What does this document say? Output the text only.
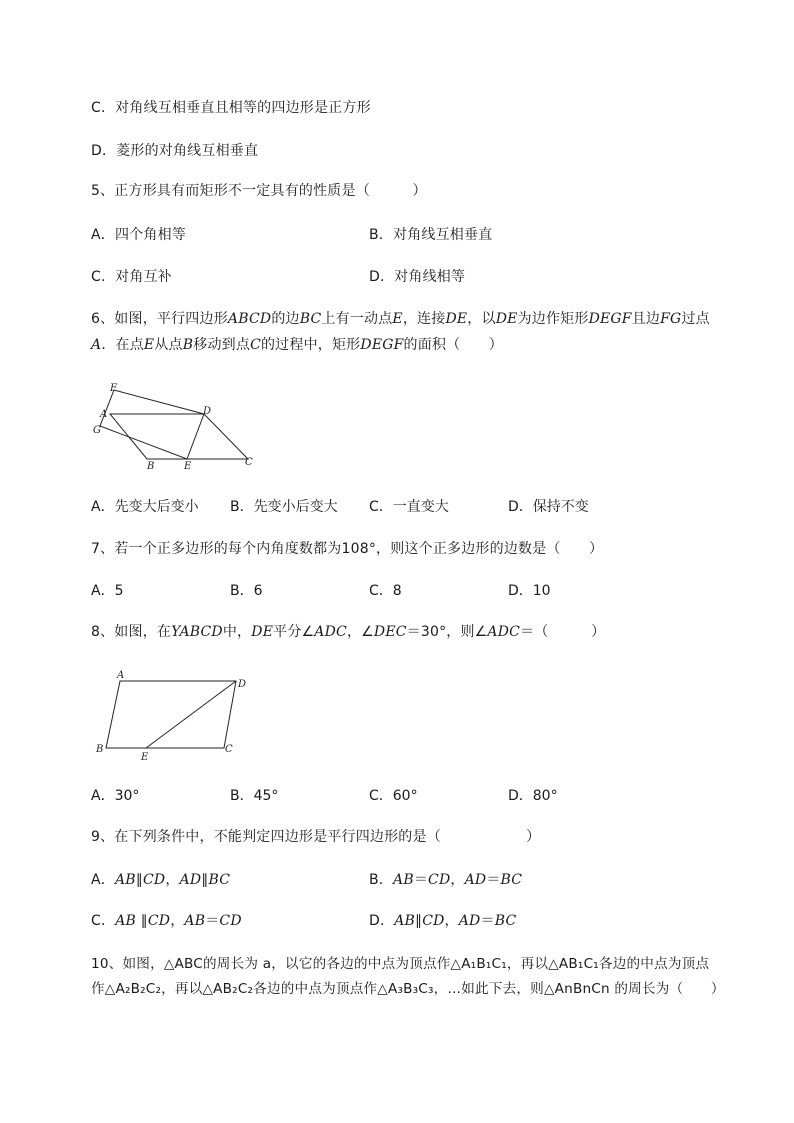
C．对角线互相垂直且相等的四边形是正方形
D．菱形的对角线互相垂直
5、正方形具有而矩形不一定具有的性质是（　　　）
A．四个角相等	B．对角线互相垂直
C．对角互补	D．对角线相等
6、如图，平行四边形ABCD的边BC上有一动点E，连接DE，以DE为边作矩形DEGF且边FG过点
A．在点E从点B移动到点C的过程中，矩形DEGF的面积（　　）
F
A
G
D
B	E	C
A．先变大后变小 B．先变小后变大 C．一直变大	D．保持不变
7、若一个正多边形的每个内角度数都为108°，则这个正多边形的边数是（　　）
A．5	B．6	C．8	D．10
8、如图，在YABCD中，DE平分∠ADC，∠DEC＝30°，则∠ADC＝（　　　）
A
D
B
E
C
A．30°	B．45°	C．60°	D．80°
9、在下列条件中，不能判定四边形是平行四边形的是（　　　　　　）
A．AB∥CD，AD∥BC	B．AB＝CD，AD＝BC
C．AB ∥CD，AB＝CD	D．AB∥CD，AD＝BC
10、如图，△ABC的周长为 a，以它的各边的中点为顶点作△A₁B₁C₁，再以△AB₁C₁各边的中点为顶点
作△A₂B₂C₂，再以△AB₂C₂各边的中点为顶点作△A₃B₃C₃，…如此下去，则△AnBnCn 的周长为（　　）
